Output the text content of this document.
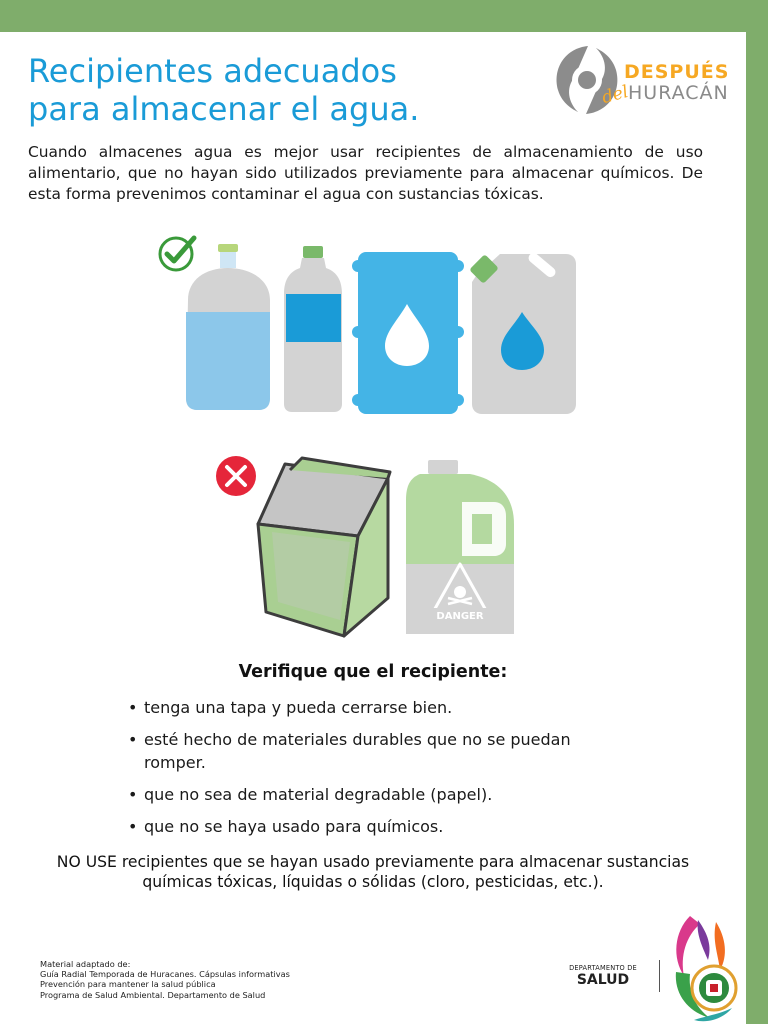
Recipientes adecuados
para almacenar el agua.
DESPUÉS
del
HURACÁN

Cuando almacenes agua es mejor usar recipientes de almacenamiento de uso alimentario, que no hayan sido utilizados previamente para almacenar químicos. De esta forma prevenimos contaminar el agua con sustancias tóxicas.

DANGER
Verifique que el recipiente:
• tenga una tapa y pueda cerrarse bien.
• esté hecho de materiales durables que no se puedan romper.
• que no sea de material degradable (papel).
• que no se haya usado para químicos.

NO USE recipientes que se hayan usado previamente para almacenar sustancias químicas tóxicas, líquidas o sólidas (cloro, pesticidas, etc.).

Material adaptado de:
Guía Radial Temporada de Huracanes. Cápsulas informativas
Prevención para mantener la salud pública
Programa de Salud Ambiental. Departamento de Salud

DEPARTAMENTO DE
SALUD
